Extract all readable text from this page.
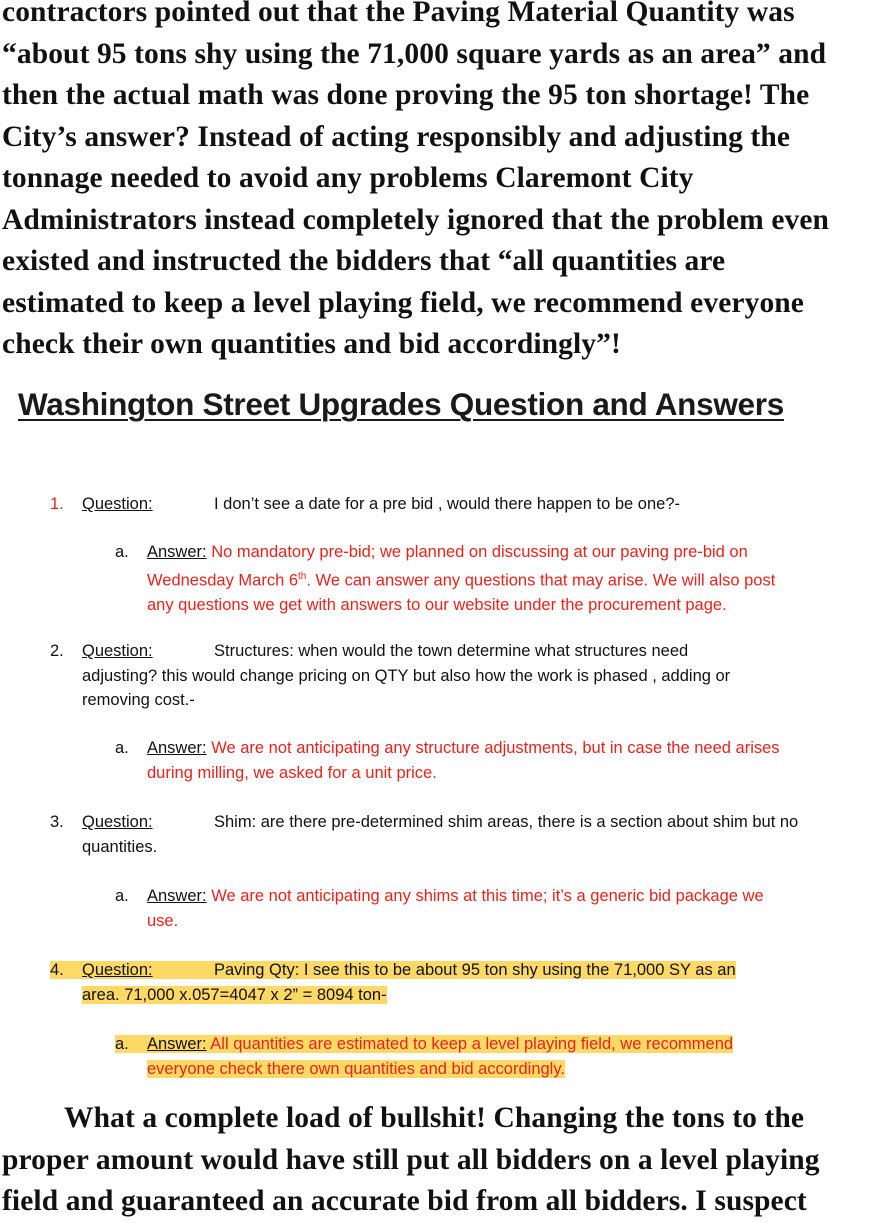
contractors pointed out that the Paving Material Quantity was
“about 95 tons shy using the 71,000 square yards as an area” and
then the actual math was done proving the 95 ton shortage! The
City’s answer? Instead of acting responsibly and adjusting the
tonnage needed to avoid any problems Claremont City
Administrators instead completely ignored that the problem even
existed and instructed the bidders that “all quantities are
estimated to keep a level playing field, we recommend everyone
check their own quantities and bid accordingly”!
Washington Street Upgrades Question and Answers
1. Question:	I don’t see a date for a pre bid , would there happen to be one?-
a. Answer: No mandatory pre-bid; we planned on discussing at our paving pre-bid on
Wednesday March 6th. We can answer any questions that may arise. We will also post
any questions we get with answers to our website under the procurement page.
2. Question:	Structures: when would the town determine what structures need
adjusting? this would change pricing on QTY but also how the work is phased , adding or
removing cost.-
a. Answer: We are not anticipating any structure adjustments, but in case the need arises
during milling, we asked for a unit price.
3. Question:	Shim: are there pre-determined shim areas, there is a section about shim but no
quantities.
a. Answer: We are not anticipating any shims at this time; it’s a generic bid package we
use.
4. Question:	Paving Qty: I see this to be about 95 ton shy using the 71,000 SY as an
area. 71,000 x.057=4047 x 2” = 8094 ton-
a. Answer: All quantities are estimated to keep a level playing field, we recommend
everyone check there own quantities and bid accordingly.
What a complete load of bullshit! Changing the tons to the
proper amount would have still put all bidders on a level playing
field and guaranteed an accurate bid from all bidders. I suspect
